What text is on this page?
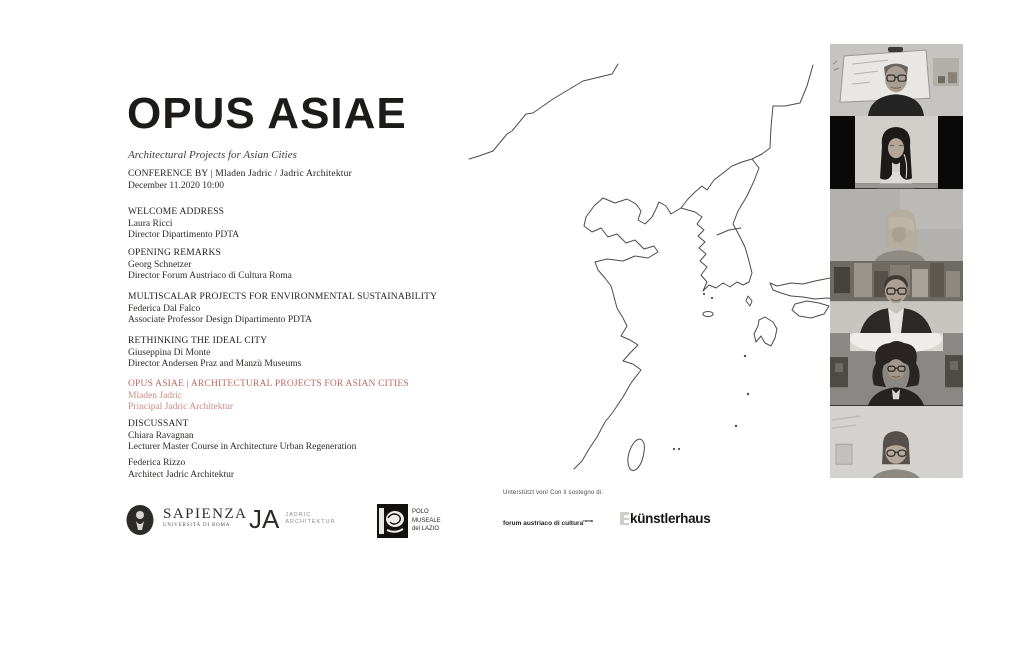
OPUS ASIAE
Architectural Projects for Asian Cities
CONFERENCE BY | Mladen Jadric / Jadric Architektur
December 11.2020 10:00
WELCOME ADDRESS
Laura Ricci
Director Dipartimento PDTA
OPENING REMARKS
Georg Schnetzer
Director Forum Austriaco di Cultura Roma
MULTISCALAR PROJECTS FOR ENVIRONMENTAL SUSTAINABILITY
Federica Dal Falco
Associate Professor Design Dipartimento PDTA
RETHINKING THE IDEAL CITY
Giuseppina Di Monte
Director Andersen Praz and Manzù Museums
OPUS ASIAE | ARCHITECTURAL PROJECTS FOR ASIAN CITIES
Mladen Jadric
Principal Jadric Architektur
DISCUSSANT
Chiara Ravagnan
Lecturer Master Course in Architecture Urban Regeneration
Federica Rizzo
Architect Jadric Architektur
SAPIENZA
UNIVERSITÀ DI ROMA JA JADRIC
ARCHITEKTUR
POLO
MUSEALE
del LAZIO
Unterstützt von/ Con il sostegno di:
forum austriaco di cultura$^{roma}$	künstlerhaus
